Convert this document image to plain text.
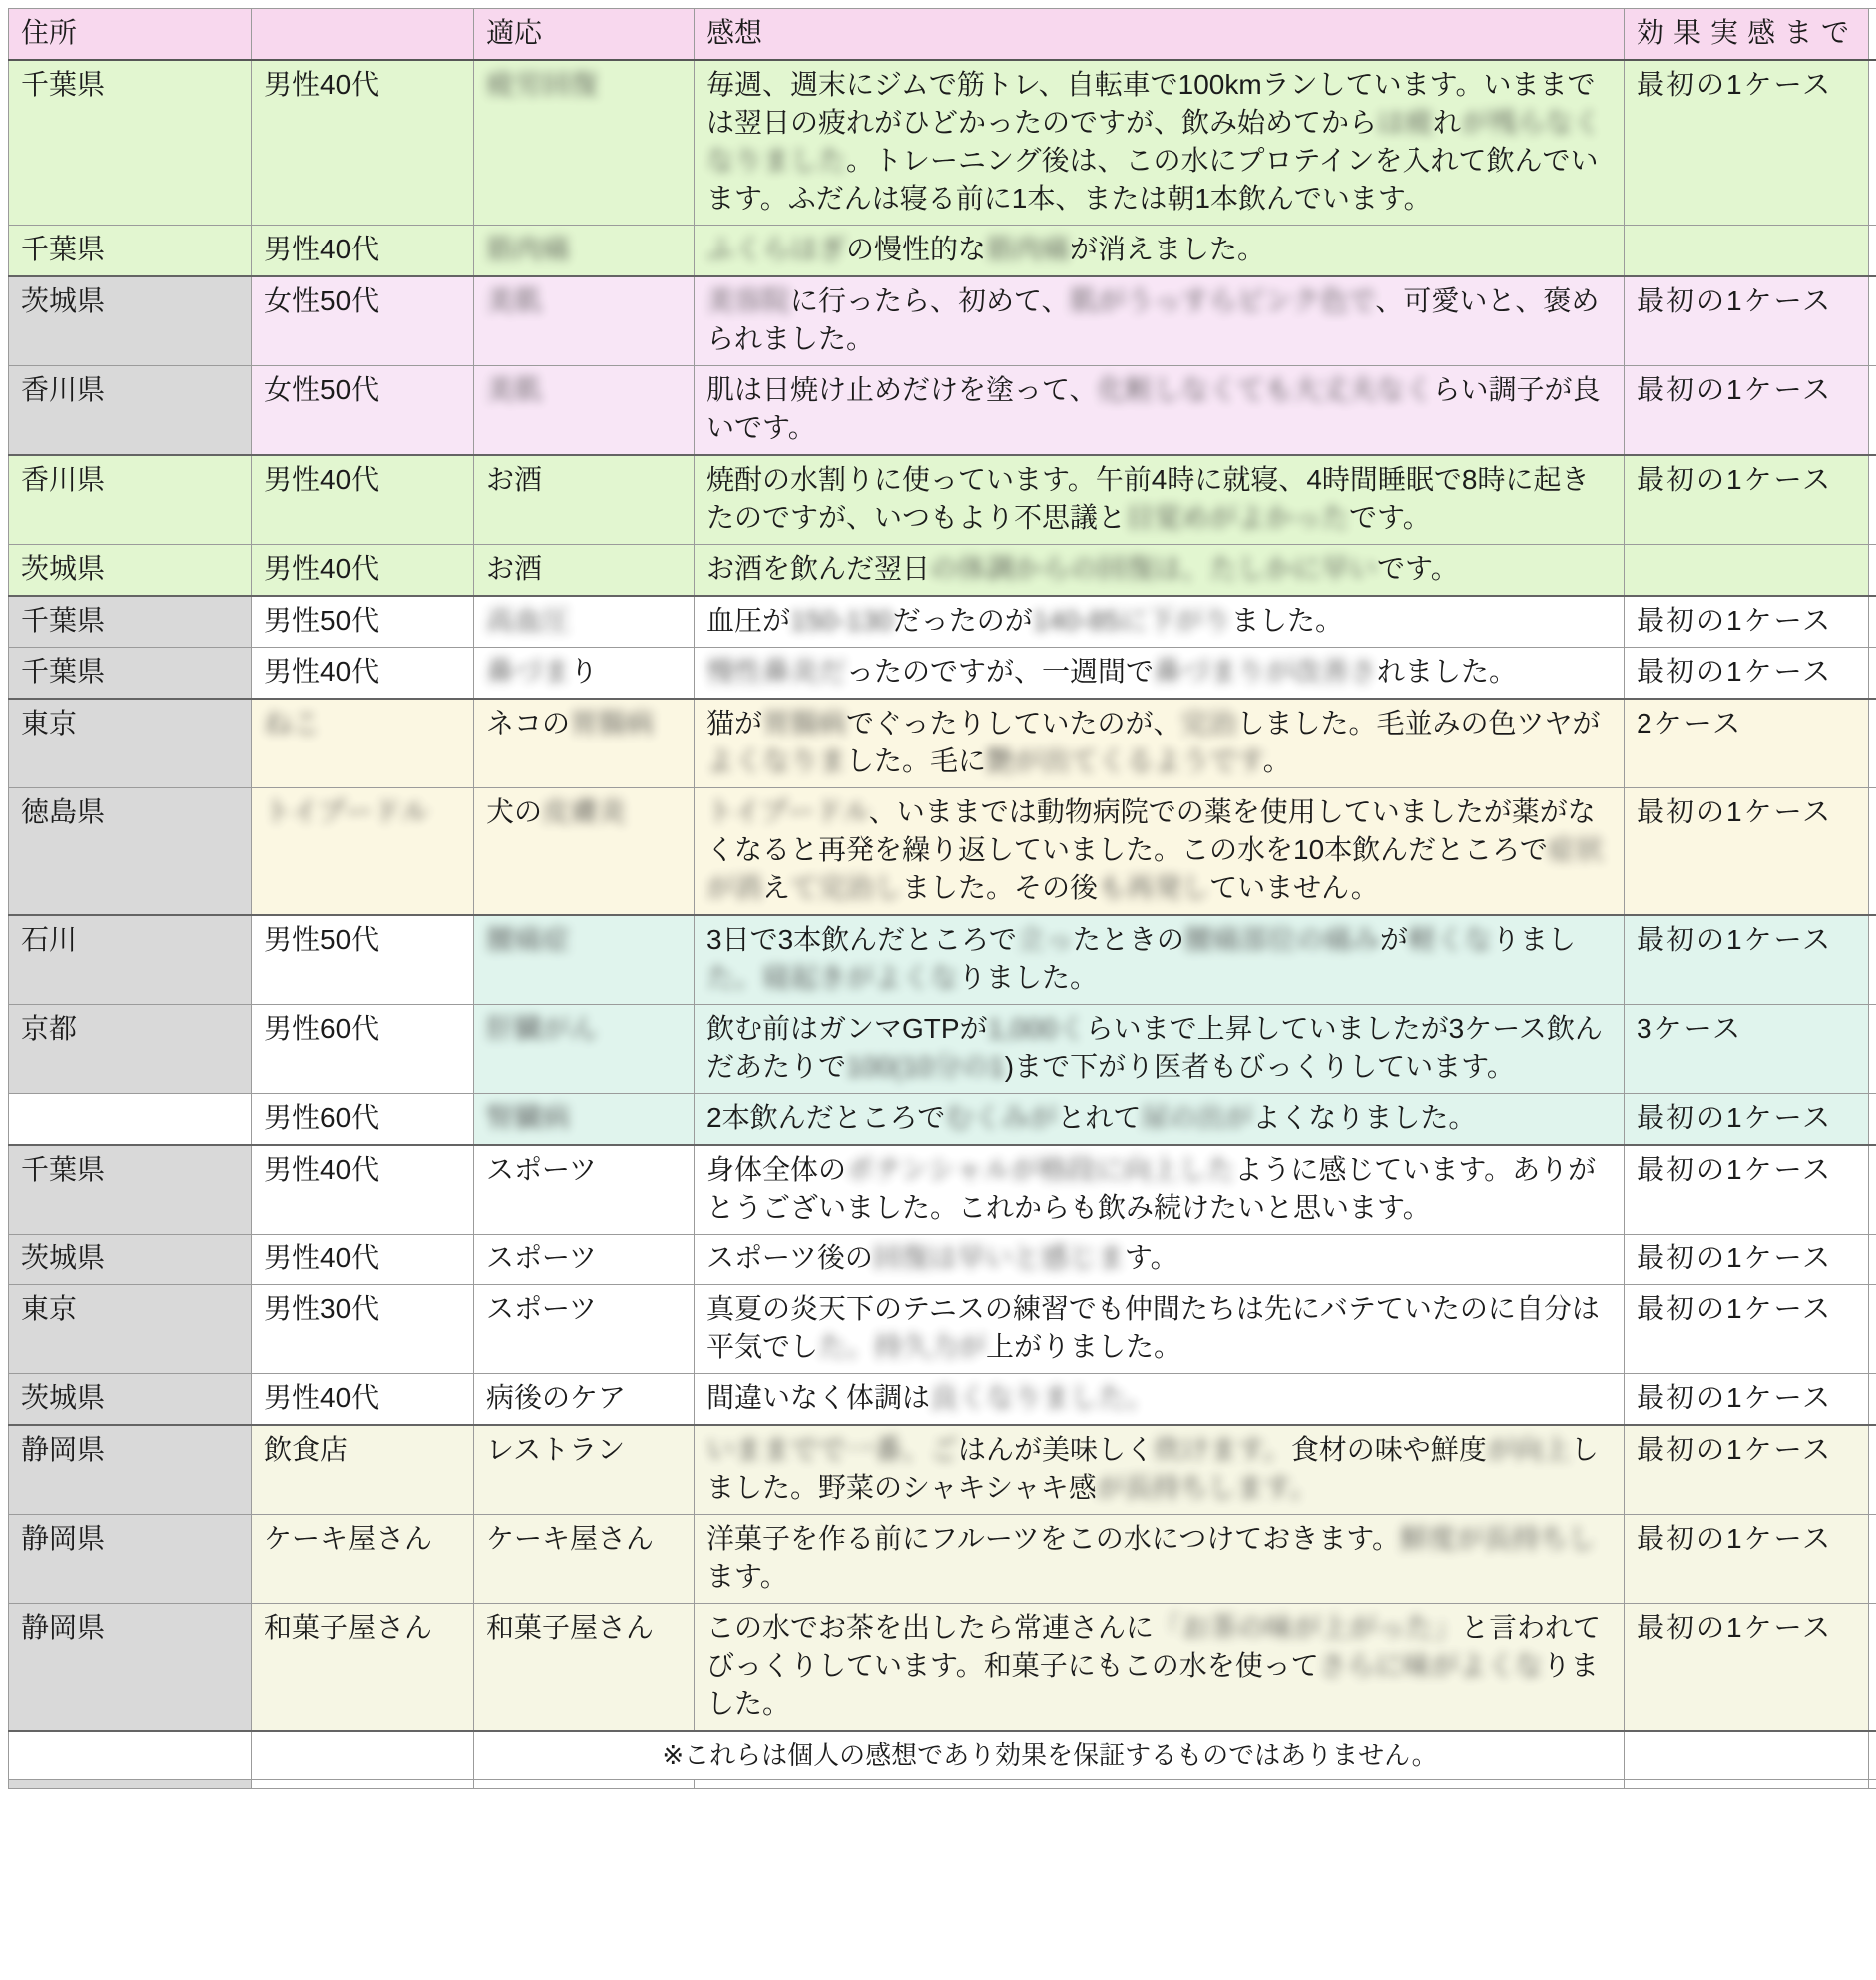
住所		適応	感想	効果実感まで	
千葉県	男性40代	疲労回復	毎週、週末にジムで筋トレ、自転車で100kmランしています。いままでは翌日の疲れがひどかったのですが、飲み始めてからは疲れが残らなくなりました。トレーニング後は、この水にプロテインを入れて飲んでいます。ふだんは寝る前に1本、または朝1本飲んでいます。	最初の1ケース	
千葉県	男性40代	筋肉痛	ふくらはぎの慢性的な筋肉痛が消えました。		
茨城県	女性50代	美肌	美容院に行ったら、初めて、肌がうっすらピンク色で、可愛いと、褒められました。	最初の1ケース	
香川県	女性50代	美肌	肌は日焼け止めだけを塗って、化粧しなくても大丈夫なくらい調子が良いです。	最初の1ケース	
香川県	男性40代	お酒	焼酎の水割りに使っています。午前4時に就寝、4時間睡眠で8時に起きたのですが、いつもより不思議と目覚めがよかったです。	最初の1ケース	
茨城県	男性40代	お酒	お酒を飲んだ翌日の体調からの回復は、たしかに早いです。		
千葉県	男性50代	高血圧	血圧が150-130だったのが140-85に下がりました。	最初の1ケース	
千葉県	男性40代	鼻づまり	慢性鼻炎だったのですが、一週間で鼻づまりが改善されました。	最初の1ケース	
東京	ねこ	ネコの胃腸病	猫が胃腸病でぐったりしていたのが、完治しました。毛並みの色ツヤがよくなりました。毛に艶が出てくるようです。	2ケース	
徳島県	トイプードル	犬の皮膚炎	トイプードル、いままでは動物病院での薬を使用していましたが薬がなくなると再発を繰り返していました。この水を10本飲んだところで症状が消えて完治しました。その後も再発していません。	最初の1ケース	
石川	男性50代	腰痛症	3日で3本飲んだところで立ったときの腰痛部位の痛みが軽くなりました。寝起きがよくなりました。	最初の1ケース	
京都	男性60代	肝臓がん	飲む前はガンマGTPが1,000くらいまで上昇していましたが3ケース飲んだあたりで100(10分の1)まで下がり医者もびっくりしています。	3ケース	
	男性60代	腎臓病	2本飲んだところでむくみがとれて尿の出がよくなりました。	最初の1ケース	
千葉県	男性40代	スポーツ	身体全体のポテンシャルが格段に向上したように感じています。ありがとうございました。これからも飲み続けたいと思います。	最初の1ケース	
茨城県	男性40代	スポーツ	スポーツ後の回復は早いと感じます。	最初の1ケース	
東京	男性30代	スポーツ	真夏の炎天下のテニスの練習でも仲間たちは先にバテていたのに自分は平気でした。持久力が上がりました。	最初の1ケース	
茨城県	男性40代	病後のケア	間違いなく体調は良くなりました。	最初の1ケース	
静岡県	飲食店	レストラン	いままでで一番、ごはんが美味しく炊けます。食材の味や鮮度が向上しました。野菜のシャキシャキ感が長持ちします。	最初の1ケース	
静岡県	ケーキ屋さん	ケーキ屋さん	洋菓子を作る前にフルーツをこの水につけておきます。鮮度が長持ちします。	最初の1ケース	
静岡県	和菓子屋さん	和菓子屋さん	この水でお茶を出したら常連さんに「お茶の味が上がった」と言われてびっくりしています。和菓子にもこの水を使ってさらに味がよくなりました。	最初の1ケース	
		※これらは個人の感想であり効果を保証するものではありません。			
